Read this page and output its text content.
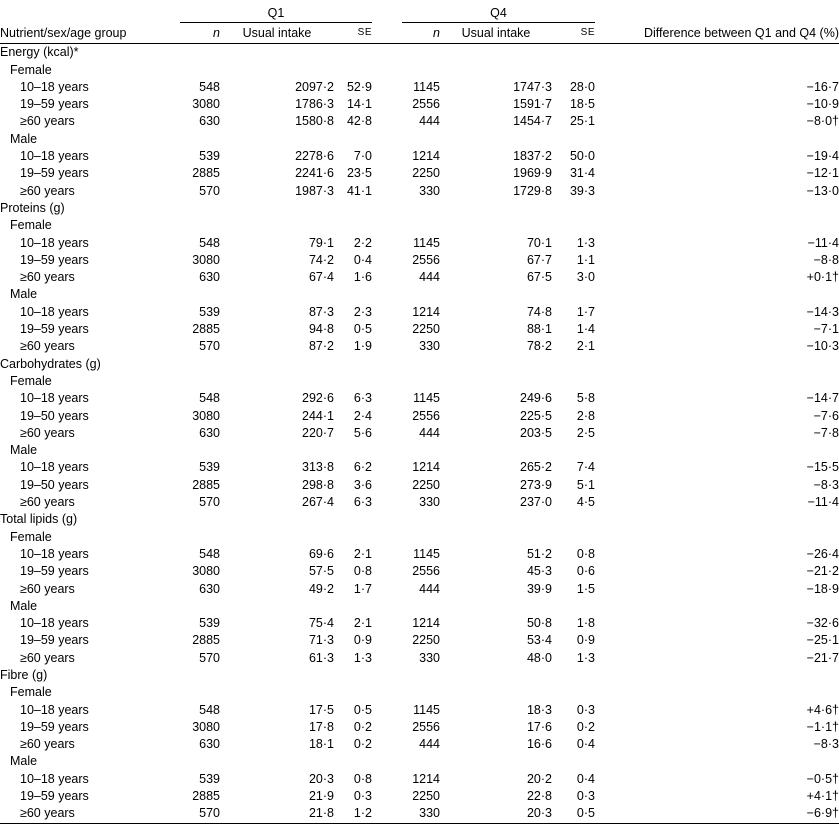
		Q1				Q4			
Nutrient/sex/age group		n	Usual intake	SE		n	Usual intake	SE	Difference between Q1 and Q4 (%)
Energy (kcal)*									
Female									
10–18 years		548	2097·2	52·9		1145	1747·3	28·0	−16·7
19–59 years		3080	1786·3	14·1		2556	1591·7	18·5	−10·9
≥60 years		630	1580·8	42·8		444	1454·7	25·1	−8·0†
Male									
10–18 years		539	2278·6	7·0		1214	1837·2	50·0	−19·4
19–59 years		2885	2241·6	23·5		2250	1969·9	31·4	−12·1
≥60 years		570	1987·3	41·1		330	1729·8	39·3	−13·0
Proteins (g)									
Female									
10–18 years		548	79·1	2·2		1145	70·1	1·3	−11·4
19–59 years		3080	74·2	0·4		2556	67·7	1·1	−8·8
≥60 years		630	67·4	1·6		444	67·5	3·0	+0·1†
Male									
10–18 years		539	87·3	2·3		1214	74·8	1·7	−14·3
19–59 years		2885	94·8	0·5		2250	88·1	1·4	−7·1
≥60 years		570	87·2	1·9		330	78·2	2·1	−10·3
Carbohydrates (g)									
Female									
10–18 years		548	292·6	6·3		1145	249·6	5·8	−14·7
19–50 years		3080	244·1	2·4		2556	225·5	2·8	−7·6
≥60 years		630	220·7	5·6		444	203·5	2·5	−7·8
Male									
10–18 years		539	313·8	6·2		1214	265·2	7·4	−15·5
19–50 years		2885	298·8	3·6		2250	273·9	5·1	−8·3
≥60 years		570	267·4	6·3		330	237·0	4·5	−11·4
Total lipids (g)									
Female									
10–18 years		548	69·6	2·1		1145	51·2	0·8	−26·4
19–59 years		3080	57·5	0·8		2556	45·3	0·6	−21·2
≥60 years		630	49·2	1·7		444	39·9	1·5	−18·9
Male									
10–18 years		539	75·4	2·1		1214	50·8	1·8	−32·6
19–59 years		2885	71·3	0·9		2250	53·4	0·9	−25·1
≥60 years		570	61·3	1·3		330	48·0	1·3	−21·7
Fibre (g)									
Female									
10–18 years		548	17·5	0·5		1145	18·3	0·3	+4·6†
19–59 years		3080	17·8	0·2		2556	17·6	0·2	−1·1†
≥60 years		630	18·1	0·2		444	16·6	0·4	−8·3
Male									
10–18 years		539	20·3	0·8		1214	20·2	0·4	−0·5†
19–59 years		2885	21·9	0·3		2250	22·8	0·3	+4·1†
≥60 years		570	21·8	1·2		330	20·3	0·5	−6·9†
